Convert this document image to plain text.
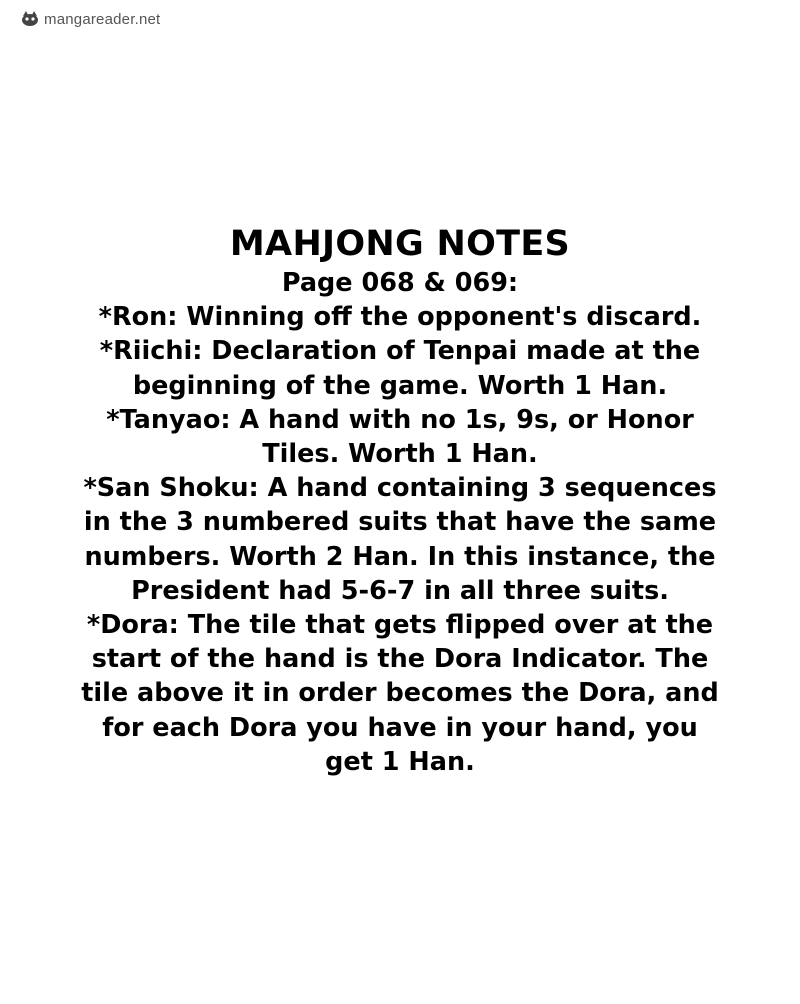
mangareader.net

MAHJONG NOTES

Page 068 & 069:

*Ron: Winning off the opponent's discard.

*Riichi: Declaration of Tenpai made at the

beginning of the game. Worth 1 Han.

*Tanyao: A hand with no 1s, 9s, or Honor

Tiles. Worth 1 Han.

*San Shoku: A hand containing 3 sequences

in the 3 numbered suits that have the same

numbers. Worth 2 Han. In this instance, the

President had 5-6-7 in all three suits.

*Dora: The tile that gets flipped over at the

start of the hand is the Dora Indicator. The

tile above it in order becomes the Dora, and

for each Dora you have in your hand, you

get 1 Han.
